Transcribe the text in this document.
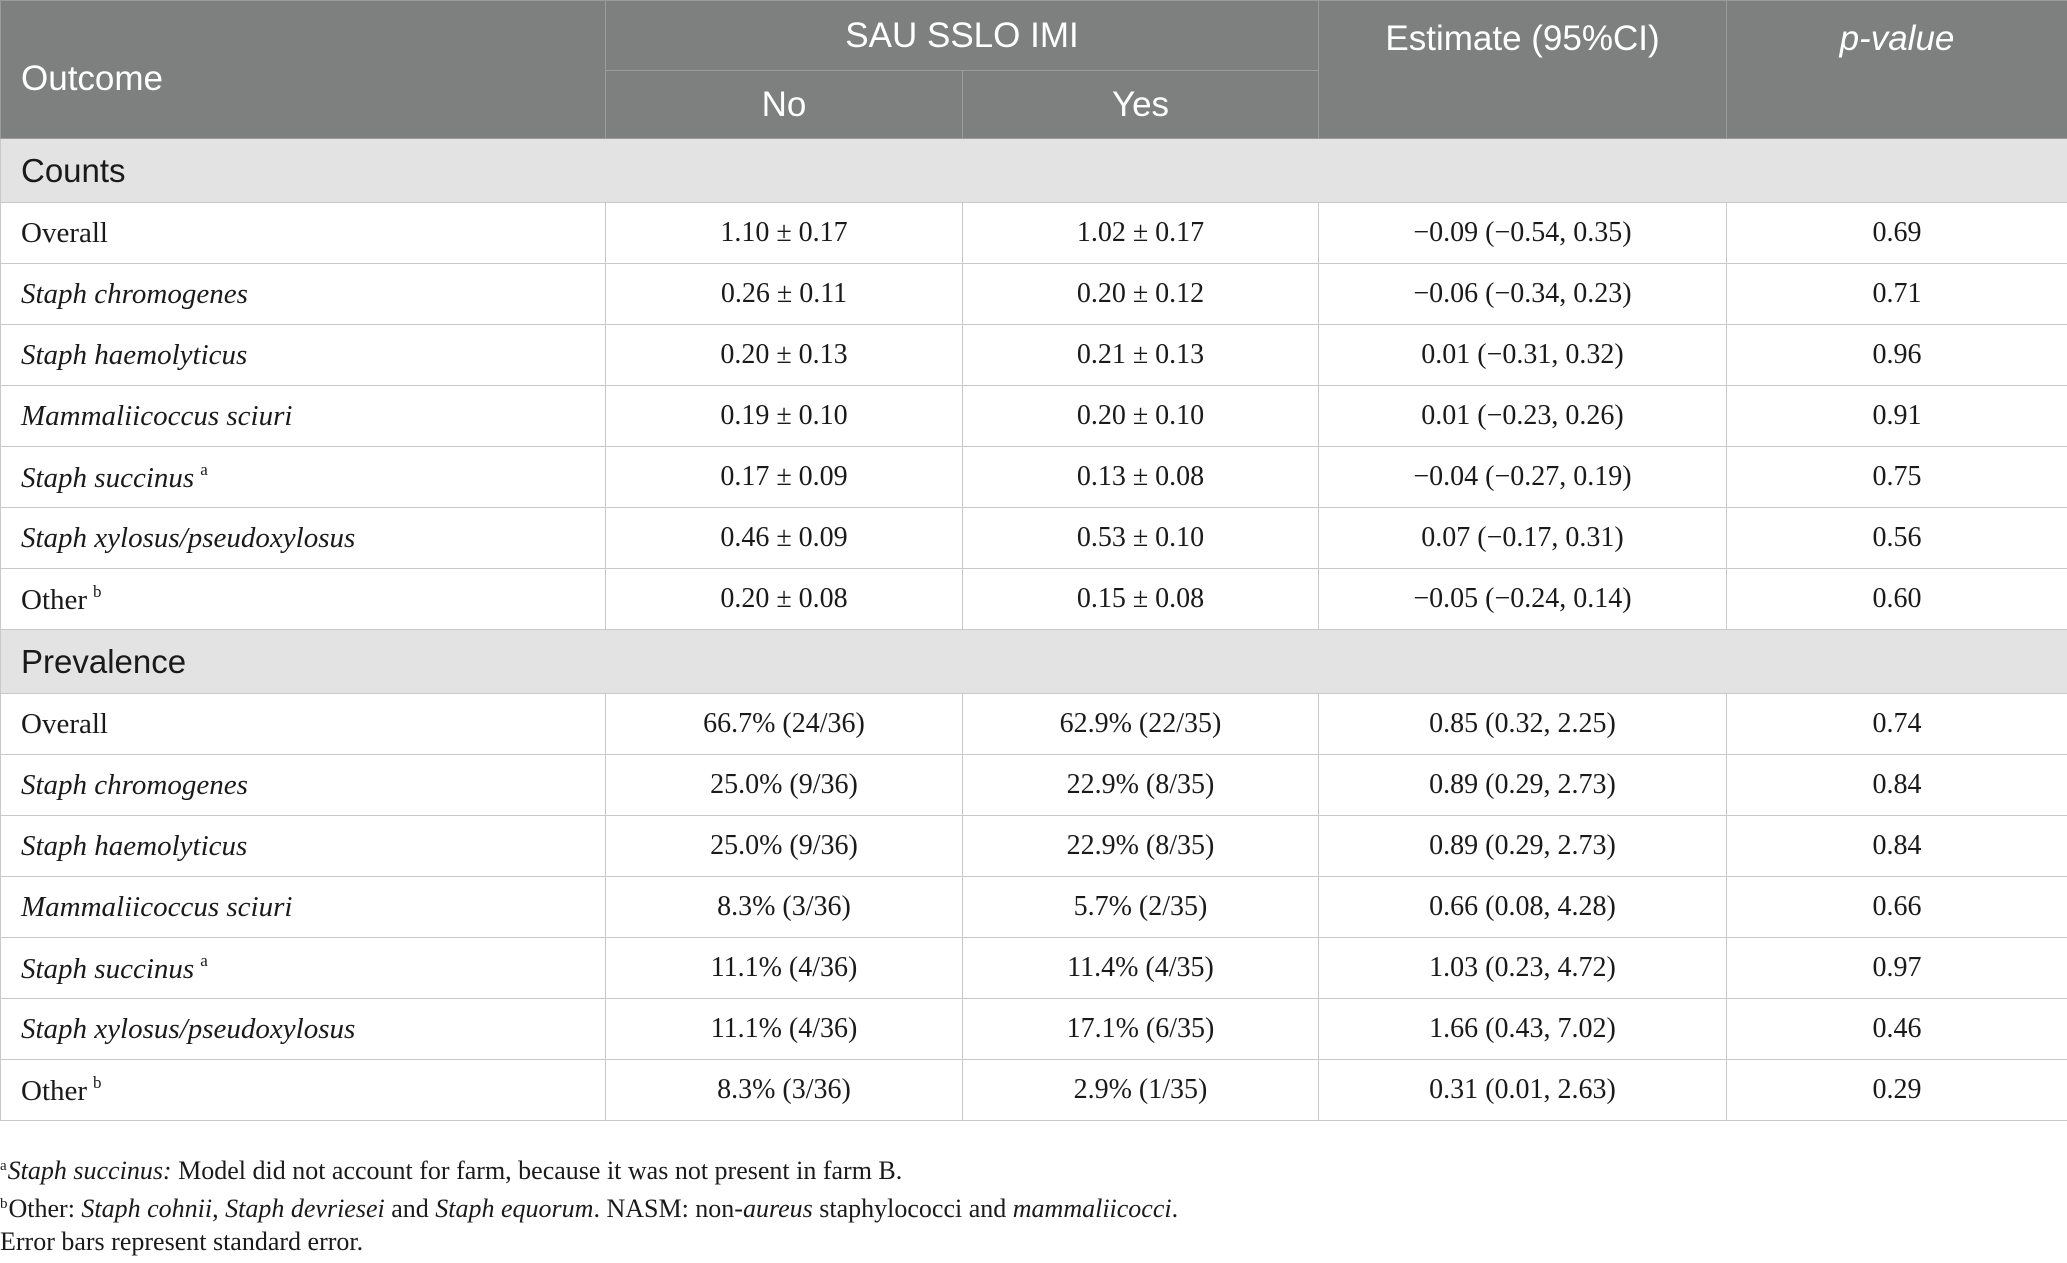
Outcome	SAU SSLO IMI		Estimate (95%CI)	p-value
	No	Yes		
Counts				
Overall	1.10 ± 0.17	1.02 ± 0.17	−0.09 (−0.54, 0.35)	0.69
Staph chromogenes	0.26 ± 0.11	0.20 ± 0.12	−0.06 (−0.34, 0.23)	0.71
Staph haemolyticus	0.20 ± 0.13	0.21 ± 0.13	0.01 (−0.31, 0.32)	0.96
Mammaliicoccus sciuri	0.19 ± 0.10	0.20 ± 0.10	0.01 (−0.23, 0.26)	0.91
Staph succinus $^a$	0.17 ± 0.09	0.13 ± 0.08	−0.04 (−0.27, 0.19)	0.75
Staph xylosus/pseudoxylosus	0.46 ± 0.09	0.53 ± 0.10	0.07 (−0.17, 0.31)	0.56
Other $^b$	0.20 ± 0.08	0.15 ± 0.08	−0.05 (−0.24, 0.14)	0.60
Prevalence				
Overall	66.7% (24/36)	62.9% (22/35)	0.85 (0.32, 2.25)	0.74
Staph chromogenes	25.0% (9/36)	22.9% (8/35)	0.89 (0.29, 2.73)	0.84
Staph haemolyticus	25.0% (9/36)	22.9% (8/35)	0.89 (0.29, 2.73)	0.84
Mammaliicoccus sciuri	8.3% (3/36)	5.7% (2/35)	0.66 (0.08, 4.28)	0.66
Staph succinus $^a$	11.1% (4/36)	11.4% (4/35)	1.03 (0.23, 4.72)	0.97
Staph xylosus/pseudoxylosus	11.1% (4/36)	17.1% (6/35)	1.66 (0.43, 7.02)	0.46
Other $^b$	8.3% (3/36)	2.9% (1/35)	0.31 (0.01, 2.63)	0.29
$^a$Staph succinus: Model did not account for farm, because it was not present in farm B.
$^b$Other: Staph cohnii, Staph devriesei and Staph equorum. NASM: non-aureus staphylococci and mammaliicocci.
Error bars represent standard error.
